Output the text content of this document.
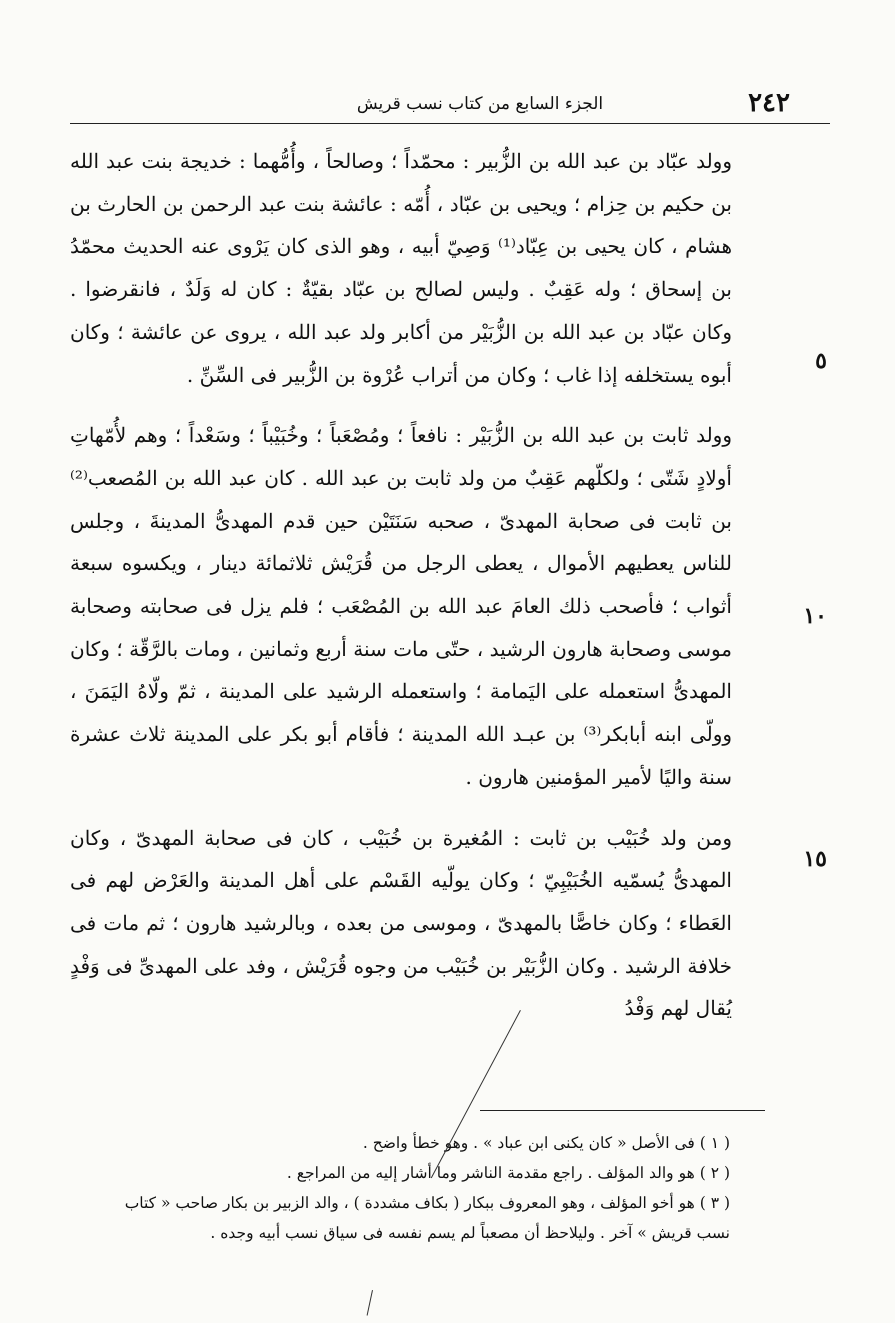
٢٤٢
الجزء السابع من كتاب نسب قريش
٥
١٠
١٥

وولد عبّاد بن عبد الله بن الزُّبير : محمّداً ؛ وصالحاً ، وأُمُّهما : خديجة بنت عبد الله بن حكيم بن حِزام ؛ ويحيى بن عبّاد ، أُمّه : عائشة بنت عبد الرحمن بن الحارث بن هشام ، كان يحيى بن عِبّاد⁽¹⁾ وَصِيّ أبيه ، وهو الذى كان يَرْوى عنه الحديث محمّدُ بن إسحاق ؛ وله عَقِبٌ . وليس لصالح بن عبّاد بقيّةٌ : كان له وَلَدٌ ، فانقرضوا . وكان عبّاد بن عبد الله بن الزُّبَيْر من أكابر ولد عبد الله ، يروى عن عائشة ؛ وكان أبوه يستخلفه إذا غاب ؛ وكان من أتراب عُرْوة بن الزُّبير فى السِّنِّ .

وولد ثابت بن عبد الله بن الزُّبَيْر : نافعاً ؛ ومُصْعَباً ؛ وخُبَيْباً ؛ وسَعْداً ؛ وهم لأُمّهاتِ أولادٍ شَتّى ؛ ولكلّهم عَقِبٌ من ولد ثابت بن عبد الله . كان عبد الله بن المُصعب⁽²⁾ بن ثابت فى صحابة المهدىّ ، صحبه سَنَتَيْن حين قدم المهدىُّ المدينةَ ، وجلس للناس يعطيهم الأموال ، يعطى الرجل من قُرَيْش ثلاثمائة دينار ، ويكسوه سبعة أثواب ؛ فأصحب ذلك العامَ عبد الله بن المُصْعَب ؛ فلم يزل فى صحابته وصحابة موسى وصحابة هارون الرشيد ، حتّى مات سنة أربع وثمانين ، ومات بالرَّقّة ؛ وكان المهدىُّ استعمله على اليَمامة ؛ واستعمله الرشيد على المدينة ، ثمّ ولّاهُ اليَمَنَ ، وولّى ابنه أبابكر⁽³⁾ بن عبـد الله المدينة ؛ فأقام أبو بكر على المدينة ثلاث عشرة سنة واليًا لأمير المؤمنين هارون .

ومن ولد خُبَيْب بن ثابت : المُغيرة بن خُبَيْب ، كان فى صحابة المهدىّ ، وكان المهدىُّ يُسمّيه الخُبَيْبِيّ ؛ وكان يولّيه القَسْم على أهل المدينة والعَرْض لهم فى العَطاء ؛ وكان خاصًّا بالمهدىّ ، وموسى من بعده ، وبالرشيد هارون ؛ ثم مات فى خلافة الرشيد . وكان الزُّبَيْر بن خُبَيْب من وجوه قُرَيْش ، وفد على المهدىِّ فى وَفْدٍ يُقال لهم وَفْدُ

( ١ ) فى الأصل « كان يكنى ابن عباد » . وهو خطأ واضح .

( ٢ ) هو والد المؤلف . راجع مقدمة الناشر وما أشار إليه من المراجع .

( ٣ ) هو أخو المؤلف ، وهو المعروف ببكار ( بكاف مشددة ) ، والد الزبير بن بكار صاحب « كتاب نسب قريش » آخر . وليلاحظ أن مصعباً لم يسم نفسه فى سياق نسب أبيه وجده .
